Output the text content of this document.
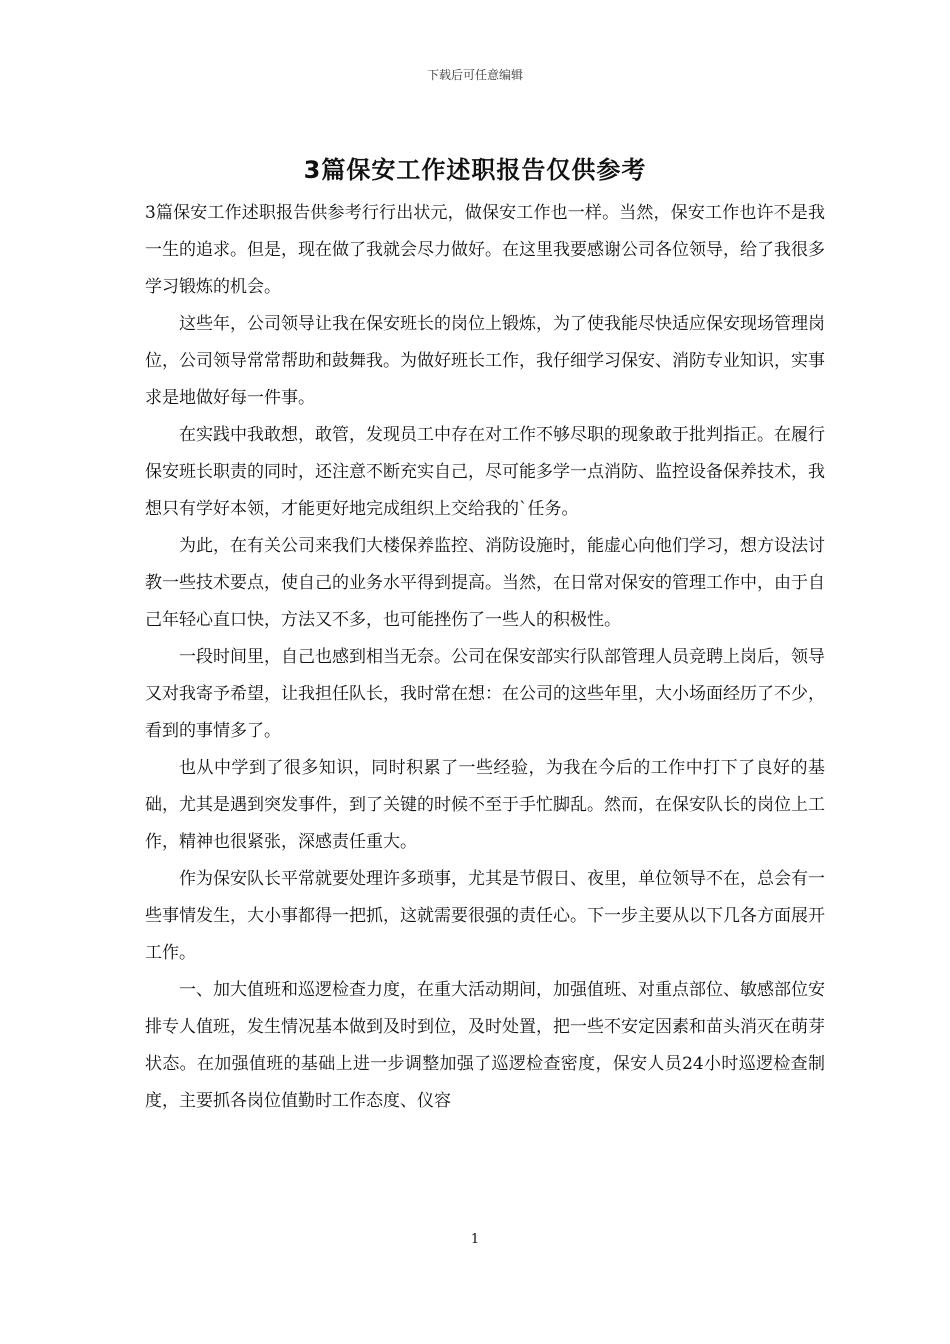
下载后可任意编辑
3篇保安工作述职报告仅供参考

3篇保安工作述职报告供参考行行出状元，做保安工作也一样。当然，保安工作也许不是我一生的追求。但是，现在做了我就会尽力做好。在这里我要感谢公司各位领导，给了我很多学习锻炼的机会。

这些年，公司领导让我在保安班长的岗位上锻炼，为了使我能尽快适应保安现场管理岗位，公司领导常常帮助和鼓舞我。为做好班长工作，我仔细学习保安、消防专业知识，实事求是地做好每一件事。

在实践中我敢想，敢管，发现员工中存在对工作不够尽职的现象敢于批判指正。在履行保安班长职责的同时，还注意不断充实自己，尽可能多学一点消防、监控设备保养技术，我想只有学好本领，才能更好地完成组织上交给我的`任务。

为此，在有关公司来我们大楼保养监控、消防设施时，能虚心向他们学习，想方设法讨教一些技术要点，使自己的业务水平得到提高。当然，在日常对保安的管理工作中，由于自己年轻心直口快，方法又不多，也可能挫伤了一些人的积极性。

一段时间里，自己也感到相当无奈。公司在保安部实行队部管理人员竞聘上岗后，领导又对我寄予希望，让我担任队长，我时常在想：在公司的这些年里，大小场面经历了不少，看到的事情多了。

也从中学到了很多知识，同时积累了一些经验，为我在今后的工作中打下了良好的基础，尤其是遇到突发事件，到了关键的时候不至于手忙脚乱。然而，在保安队长的岗位上工作，精神也很紧张，深感责任重大。

作为保安队长平常就要处理许多琐事，尤其是节假日、夜里，单位领导不在，总会有一些事情发生，大小事都得一把抓，这就需要很强的责任心。下一步主要从以下几各方面展开工作。

一、加大值班和巡逻检查力度，在重大活动期间，加强值班、对重点部位、敏感部位安排专人值班，发生情况基本做到及时到位，及时处置，把一些不安定因素和苗头消灭在萌芽状态。在加强值班的基础上进一步调整加强了巡逻检查密度，保安人员24小时巡逻检查制度，主要抓各岗位值勤时工作态度、仪容

1
